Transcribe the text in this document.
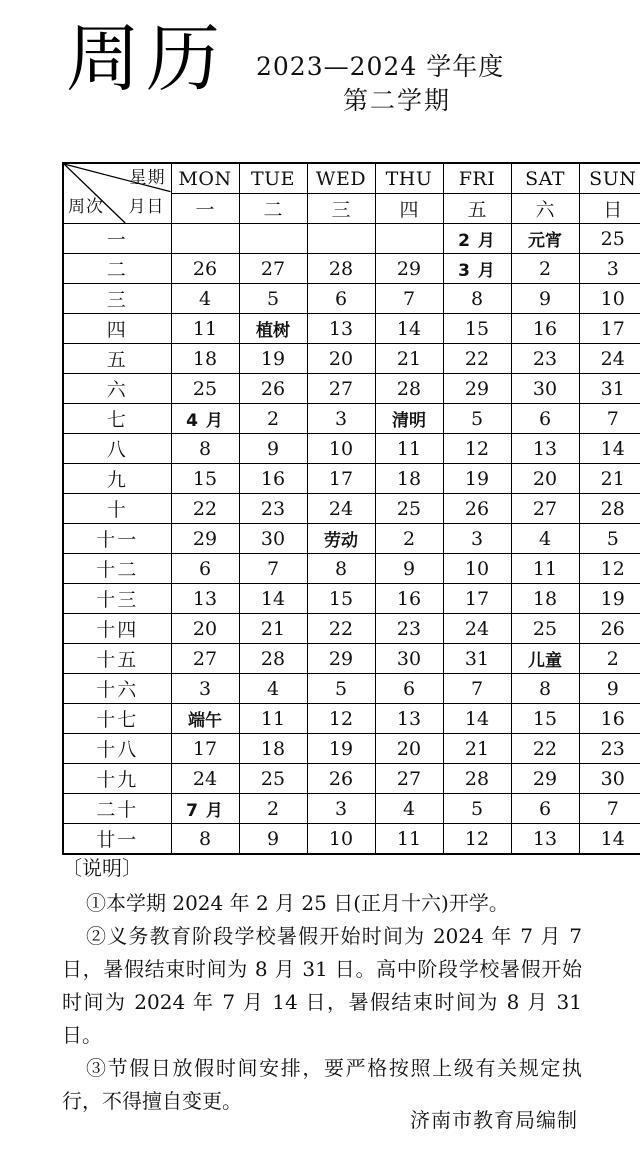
周历 2023—2024 学年度
第二学期
星期
月日
周次	MON	TUE	WED	THU	FRI	SAT	SUN
	一	二	三	四	五	六	日
一					2 月	元宵	25
二	26	27	28	29	3 月	2	3
三	4	5	6	7	8	9	10
四	11	植树	13	14	15	16	17
五	18	19	20	21	22	23	24
六	25	26	27	28	29	30	31
七	4 月	2	3	清明	5	6	7
八	8	9	10	11	12	13	14
九	15	16	17	18	19	20	21
十	22	23	24	25	26	27	28
十一	29	30	劳动	2	3	4	5
十二	6	7	8	9	10	11	12
十三	13	14	15	16	17	18	19
十四	20	21	22	23	24	25	26
十五	27	28	29	30	31	儿童	2
十六	3	4	5	6	7	8	9
十七	端午	11	12	13	14	15	16
十八	17	18	19	20	21	22	23
十九	24	25	26	27	28	29	30
二十	7 月	2	3	4	5	6	7
廿一	8	9	10	11	12	13	14

〔说明〕

①本学期 2024 年 2 月 25 日(正月十六)开学。

②义务教育阶段学校暑假开始时间为 2024 年 7 月 7 日，暑假结束时间为 8 月 31 日。高中阶段学校暑假开始时间为 2024 年 7 月 14 日，暑假结束时间为 8 月 31 日。

③节假日放假时间安排，要严格按照上级有关规定执行，不得擅自变更。

济南市教育局编制
